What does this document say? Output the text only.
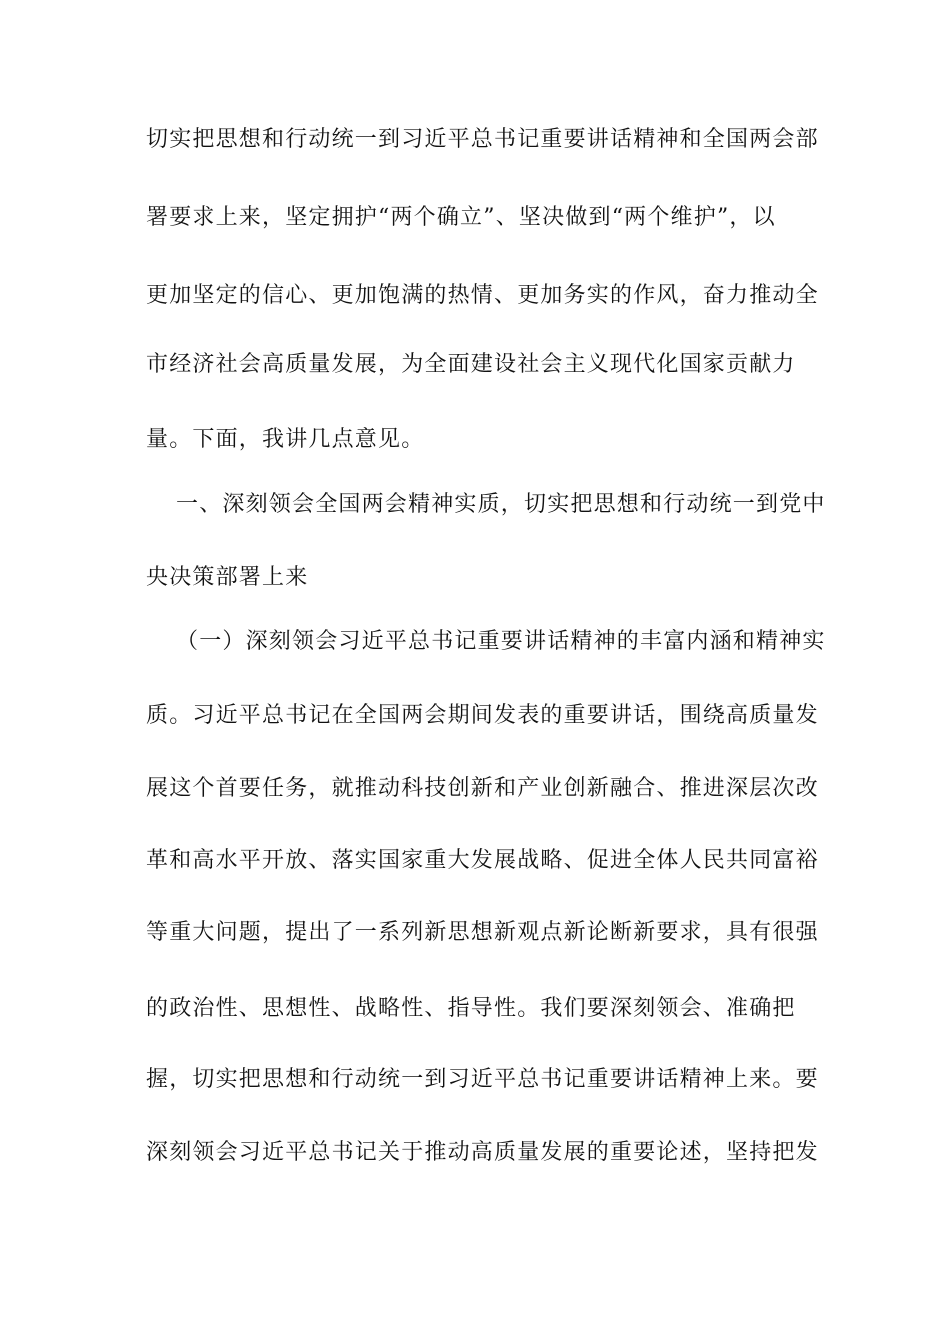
切实把思想和行动统一到习近平总书记重要讲话精神和全国两会部
署要求上来，坚定拥护“两个确立”、坚决做到“两个维护”，以
更加坚定的信心、更加饱满的热情、更加务实的作风，奋力推动全
市经济社会高质量发展，为全面建设社会主义现代化国家贡献力
量。下面，我讲几点意见。
一、深刻领会全国两会精神实质，切实把思想和行动统一到党中
央决策部署上来
（一）深刻领会习近平总书记重要讲话精神的丰富内涵和精神实
质。习近平总书记在全国两会期间发表的重要讲话，围绕高质量发
展这个首要任务，就推动科技创新和产业创新融合、推进深层次改
革和高水平开放、落实国家重大发展战略、促进全体人民共同富裕
等重大问题，提出了一系列新思想新观点新论断新要求，具有很强
的政治性、思想性、战略性、指导性。我们要深刻领会、准确把
握，切实把思想和行动统一到习近平总书记重要讲话精神上来。要
深刻领会习近平总书记关于推动高质量发展的重要论述，坚持把发
